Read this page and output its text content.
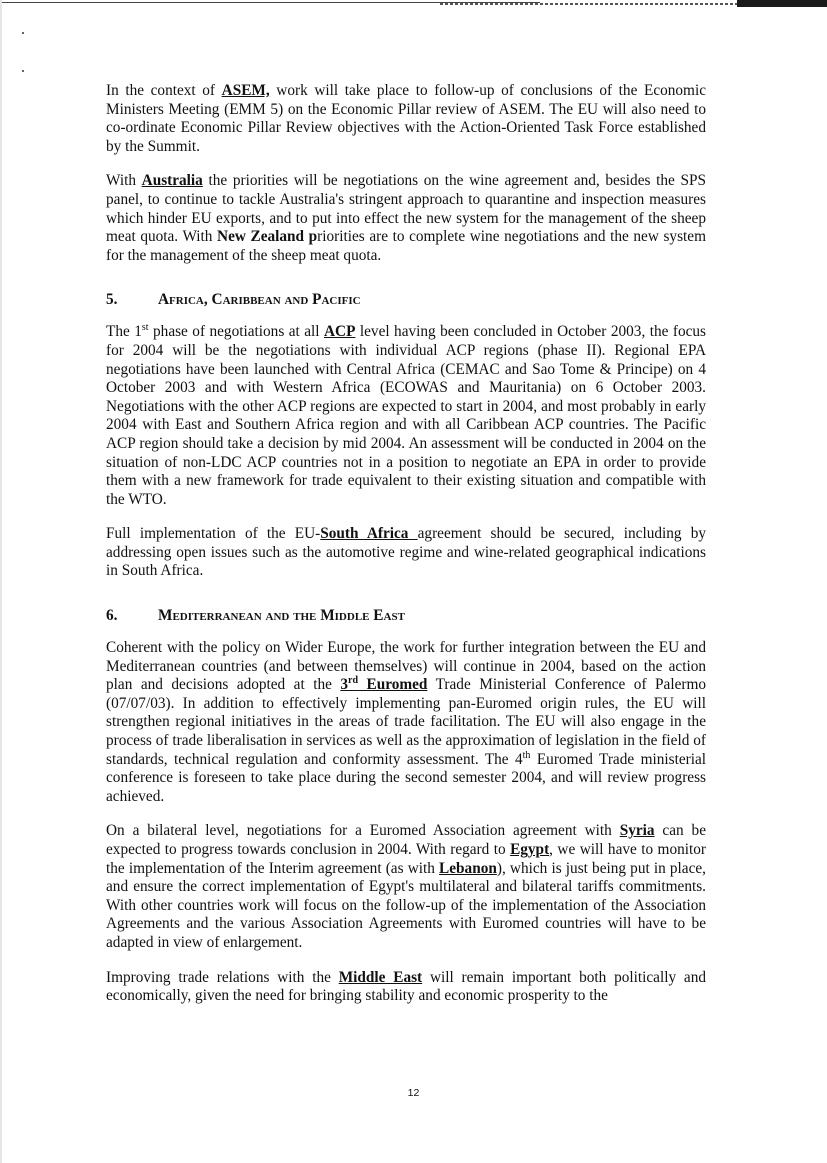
In the context of ASEM, work will take place to follow-up of conclusions of the Economic Ministers Meeting (EMM 5) on the Economic Pillar review of ASEM. The EU will also need to co-ordinate Economic Pillar Review objectives with the Action-Oriented Task Force established by the Summit.

With Australia the priorities will be negotiations on the wine agreement and, besides the SPS panel, to continue to tackle Australia's stringent approach to quarantine and inspection measures which hinder EU exports, and to put into effect the new system for the management of the sheep meat quota. With New Zealand priorities are to complete wine negotiations and the new system for the management of the sheep meat quota.

5.	Africa, Caribbean and Pacific

The 1st phase of negotiations at all ACP level having been concluded in October 2003, the focus for 2004 will be the negotiations with individual ACP regions (phase II). Regional EPA negotiations have been launched with Central Africa (CEMAC and Sao Tome & Principe) on 4 October 2003 and with Western Africa (ECOWAS and Mauritania) on 6 October 2003. Negotiations with the other ACP regions are expected to start in 2004, and most probably in early 2004 with East and Southern Africa region and with all Caribbean ACP countries. The Pacific ACP region should take a decision by mid 2004. An assessment will be conducted in 2004 on the situation of non-LDC ACP countries not in a position to negotiate an EPA in order to provide them with a new framework for trade equivalent to their existing situation and compatible with the WTO.

Full implementation of the EU-South Africa agreement should be secured, including by addressing open issues such as the automotive regime and wine-related geographical indications in South Africa.

6.	Mediterranean and the Middle East

Coherent with the policy on Wider Europe, the work for further integration between the EU and Mediterranean countries (and between themselves) will continue in 2004, based on the action plan and decisions adopted at the 3rd Euromed Trade Ministerial Conference of Palermo (07/07/03). In addition to effectively implementing pan-Euromed origin rules, the EU will strengthen regional initiatives in the areas of trade facilitation. The EU will also engage in the process of trade liberalisation in services as well as the approximation of legislation in the field of standards, technical regulation and conformity assessment. The 4th Euromed Trade ministerial conference is foreseen to take place during the second semester 2004, and will review progress achieved.

On a bilateral level, negotiations for a Euromed Association agreement with Syria can be expected to progress towards conclusion in 2004. With regard to Egypt, we will have to monitor the implementation of the Interim agreement (as with Lebanon), which is just being put in place, and ensure the correct implementation of Egypt's multilateral and bilateral tariffs commitments. With other countries work will focus on the follow-up of the implementation of the Association Agreements and the various Association Agreements with Euromed countries will have to be adapted in view of enlargement.

Improving trade relations with the Middle East will remain important both politically and economically, given the need for bringing stability and economic prosperity to the

12
